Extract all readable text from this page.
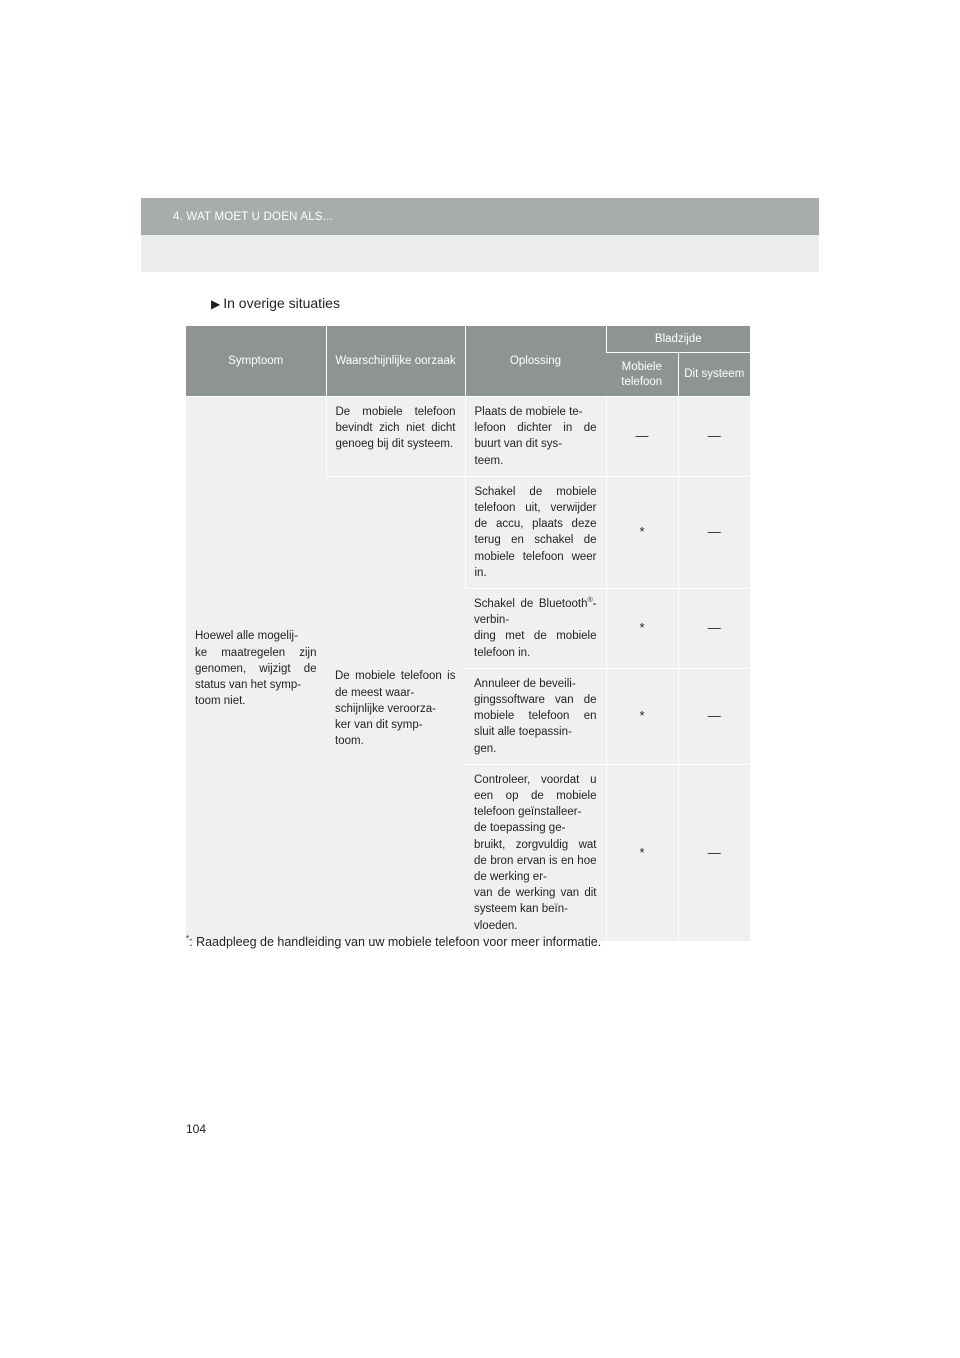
4. WAT MOET U DOEN ALS...
▶ In overige situaties
Symptoom	Waarschijnlijke oorzaak	Oplossing	Bladzijde	
			Mobiele telefoon	Dit systeem
Hoewel alle mogelij-
ke maatregelen zijn genomen, wijzigt de status van het symp-
toom niet.	De mobiele telefoon bevindt zich niet dicht genoeg bij dit systeem.	Plaats de mobiele te-
lefoon dichter in de buurt van dit sys-
teem.	—	—
	De mobiele telefoon is de meest waar-
schijnlijke veroorza-
ker van dit symp-
toom.	Schakel de mobiele telefoon uit, verwijder de accu, plaats deze terug en schakel de mobiele telefoon weer in.	*	—
		Schakel de Bluetooth®-verbin-
ding met de mobiele telefoon in.	*	—
		Annuleer de beveili-
gingssoftware van de mobiele telefoon en sluit alle toepassin-
gen.	*	—
		Controleer, voordat u een op de mobiele telefoon geïnstalleer-
de toepassing ge-
bruikt, zorgvuldig wat de bron ervan is en hoe de werking er-
van de werking van dit systeem kan beïn-
vloeden.	*	—
*: Raadpleeg de handleiding van uw mobiele telefoon voor meer informatie.
104
